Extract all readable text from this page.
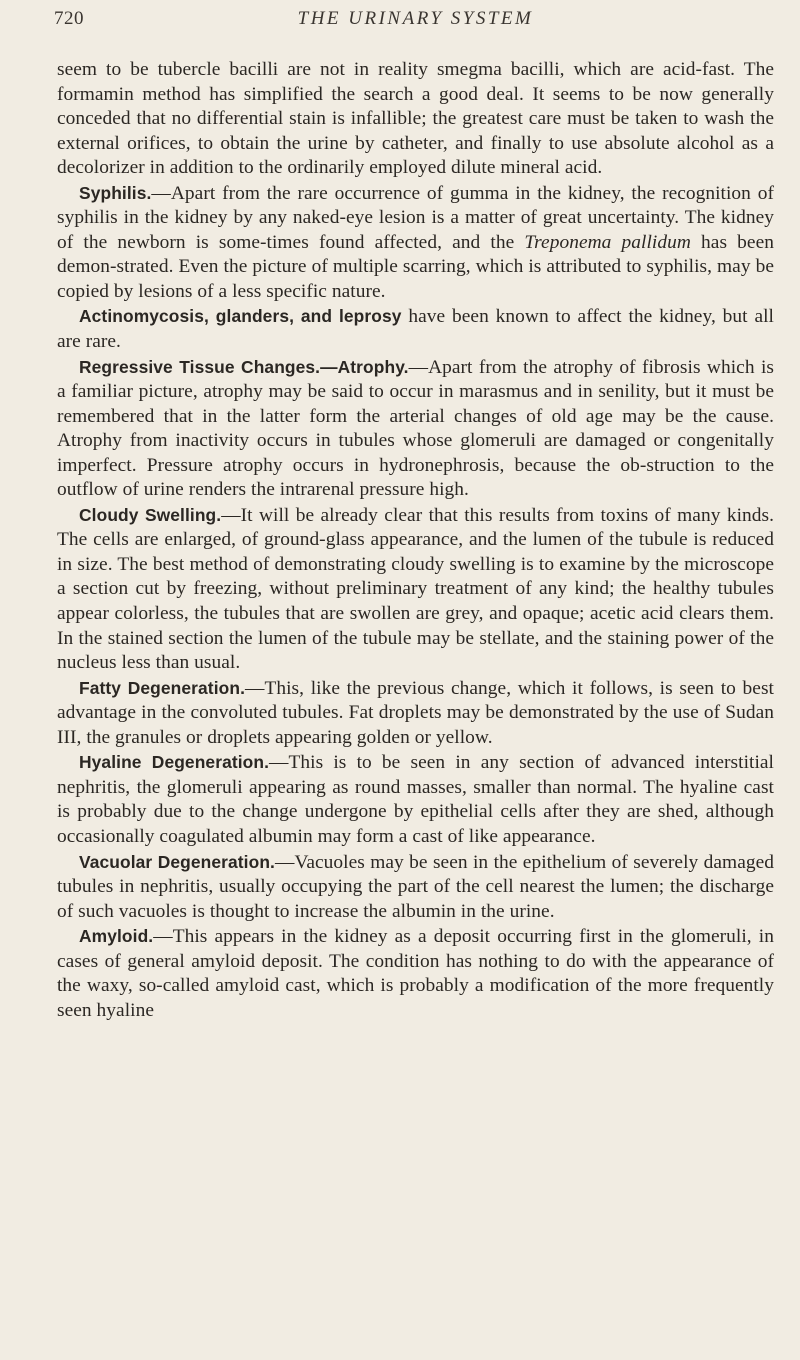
720	THE URINARY SYSTEM

seem to be tubercle bacilli are not in reality smegma bacilli, which are acid-fast. The formamin method has simplified the search a good deal. It seems to be now generally conceded that no differential stain is infallible; the greatest care must be taken to wash the external orifices, to obtain the urine by catheter, and finally to use absolute alcohol as a decolorizer in addition to the ordinarily employed dilute mineral acid.

Syphilis.—Apart from the rare occurrence of gumma in the kidney, the recognition of syphilis in the kidney by any naked-eye lesion is a matter of great uncertainty. The kidney of the newborn is some-times found affected, and the Treponema pallidum has been demon-strated. Even the picture of multiple scarring, which is attributed to syphilis, may be copied by lesions of a less specific nature.

Actinomycosis, glanders, and leprosy have been known to affect the kidney, but all are rare.

Regressive Tissue Changes.—Atrophy.—Apart from the atrophy of fibrosis which is a familiar picture, atrophy may be said to occur in marasmus and in senility, but it must be remembered that in the latter form the arterial changes of old age may be the cause. Atrophy from inactivity occurs in tubules whose glomeruli are damaged or congenitally imperfect. Pressure atrophy occurs in hydronephrosis, because the ob-struction to the outflow of urine renders the intrarenal pressure high.

Cloudy Swelling.—It will be already clear that this results from toxins of many kinds. The cells are enlarged, of ground-glass appearance, and the lumen of the tubule is reduced in size. The best method of demonstrating cloudy swelling is to examine by the microscope a section cut by freezing, without preliminary treatment of any kind; the healthy tubules appear colorless, the tubules that are swollen are grey, and opaque; acetic acid clears them. In the stained section the lumen of the tubule may be stellate, and the staining power of the nucleus less than usual.

Fatty Degeneration.—This, like the previous change, which it follows, is seen to best advantage in the convoluted tubules. Fat droplets may be demonstrated by the use of Sudan III, the granules or droplets appearing golden or yellow.

Hyaline Degeneration.—This is to be seen in any section of advanced interstitial nephritis, the glomeruli appearing as round masses, smaller than normal. The hyaline cast is probably due to the change undergone by epithelial cells after they are shed, although occasionally coagulated albumin may form a cast of like appearance.

Vacuolar Degeneration.—Vacuoles may be seen in the epithelium of severely damaged tubules in nephritis, usually occupying the part of the cell nearest the lumen; the discharge of such vacuoles is thought to increase the albumin in the urine.

Amyloid.—This appears in the kidney as a deposit occurring first in the glomeruli, in cases of general amyloid deposit. The condition has nothing to do with the appearance of the waxy, so-called amyloid cast, which is probably a modification of the more frequently seen hyaline
